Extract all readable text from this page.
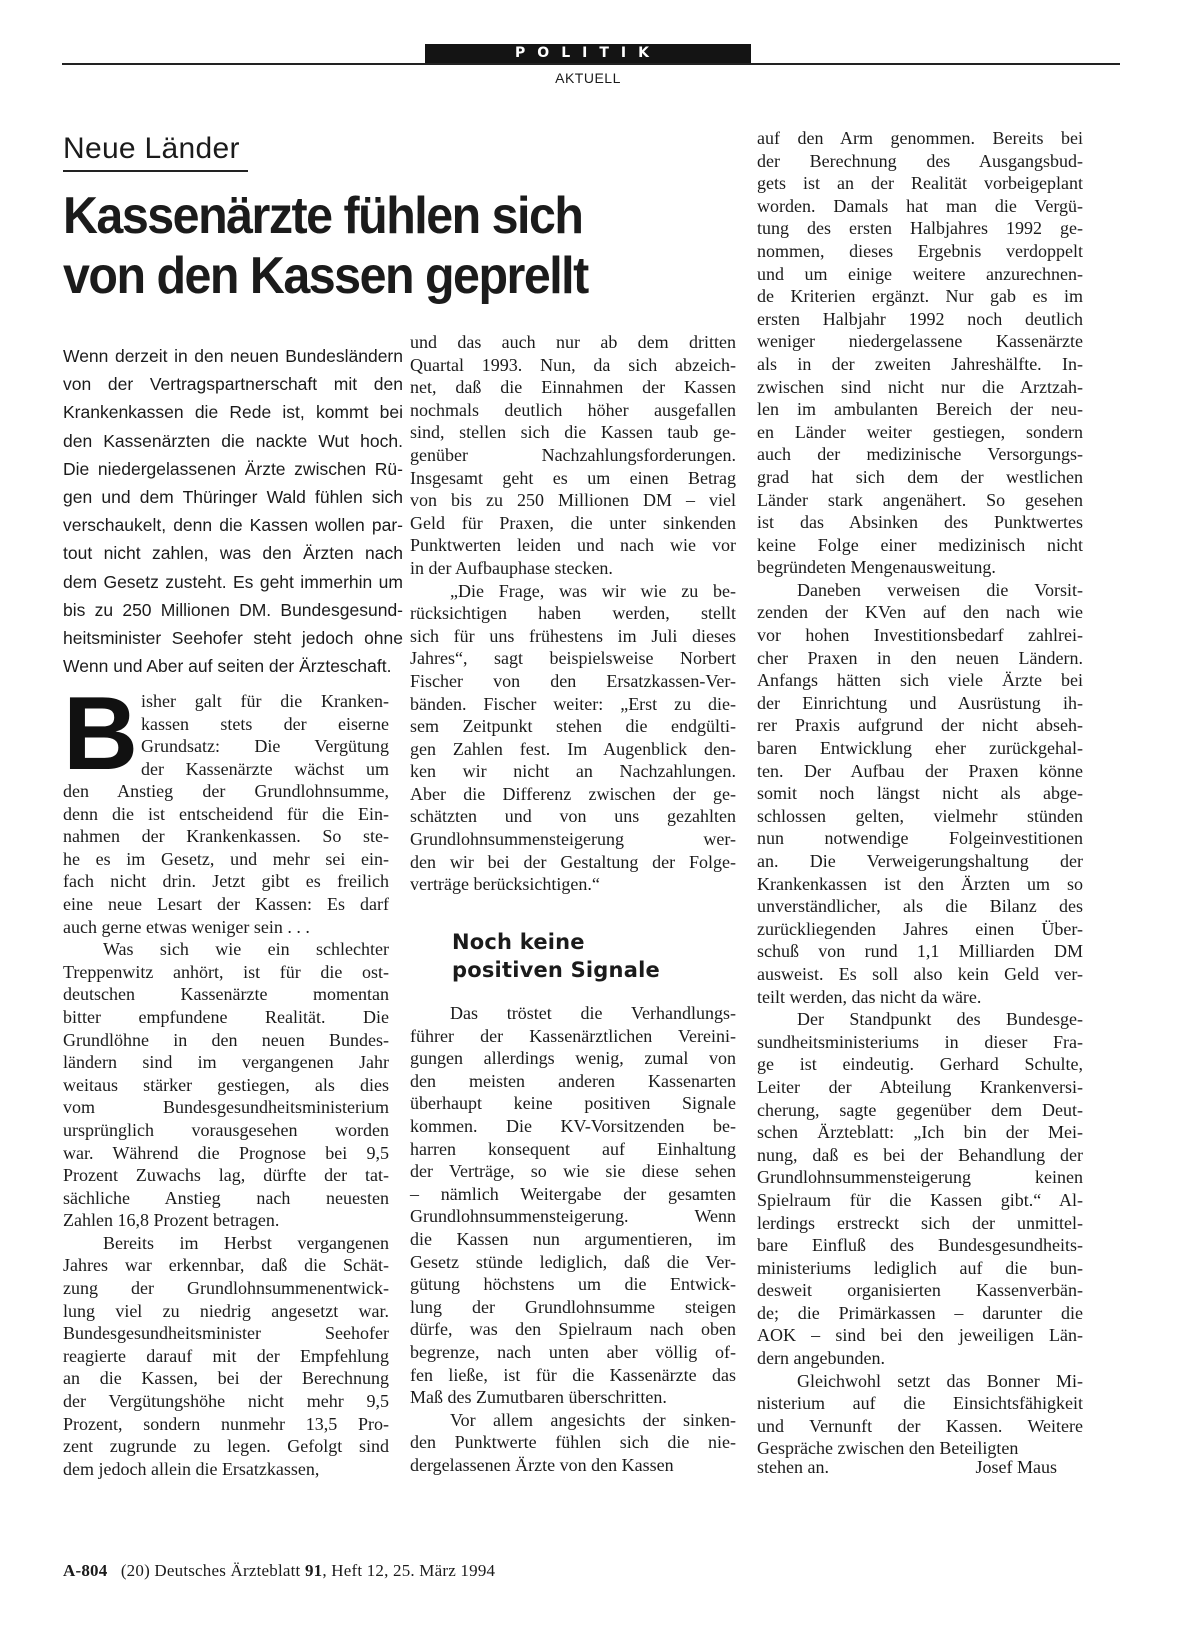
POLITIK
AKTUELL
Neue Länder
Kassenärzte fühlen sich
von den Kassen geprellt
Wenn derzeit in den neuen Bundesländern
von der Vertragspartnerschaft mit den
Krankenkassen die Rede ist, kommt bei
den Kassenärzten die nackte Wut hoch.
Die niedergelassenen Ärzte zwischen Rü-
gen und dem Thüringer Wald fühlen sich
verschaukelt, denn die Kassen wollen par-
tout nicht zahlen, was den Ärzten nach
dem Gesetz zusteht. Es geht immerhin um
bis zu 250 Millionen DM. Bundesgesund-
heitsminister Seehofer steht jedoch ohne
Wenn und Aber auf seiten der Ärzteschaft.
B isher galt für die Kranken-
kassen stets der eiserne
Grundsatz: Die Vergütung
der Kassenärzte wächst um
den Anstieg der Grundlohnsumme,
denn die ist entscheidend für die Ein-
nahmen der Krankenkassen. So ste-
he es im Gesetz, und mehr sei ein-
fach nicht drin. Jetzt gibt es freilich
eine neue Lesart der Kassen: Es darf
auch gerne etwas weniger sein . . .
Was sich wie ein schlechter
Treppenwitz anhört, ist für die ost-
deutschen Kassenärzte momentan
bitter empfundene Realität. Die
Grundlöhne in den neuen Bundes-
ländern sind im vergangenen Jahr
weitaus stärker gestiegen, als dies
vom Bundesgesundheitsministerium
ursprünglich vorausgesehen worden
war. Während die Prognose bei 9,5
Prozent Zuwachs lag, dürfte der tat-
sächliche Anstieg nach neuesten
Zahlen 16,8 Prozent betragen.
Bereits im Herbst vergangenen
Jahres war erkennbar, daß die Schät-
zung der Grundlohnsummenentwick-
lung viel zu niedrig angesetzt war.
Bundesgesundheitsminister Seehofer
reagierte darauf mit der Empfehlung
an die Kassen, bei der Berechnung
der Vergütungshöhe nicht mehr 9,5
Prozent, sondern nunmehr 13,5 Pro-
zent zugrunde zu legen. Gefolgt sind
dem jedoch allein die Ersatzkassen,
und das auch nur ab dem dritten
Quartal 1993. Nun, da sich abzeich-
net, daß die Einnahmen der Kassen
nochmals deutlich höher ausgefallen
sind, stellen sich die Kassen taub ge-
genüber Nachzahlungsforderungen.
Insgesamt geht es um einen Betrag
von bis zu 250 Millionen DM – viel
Geld für Praxen, die unter sinkenden
Punktwerten leiden und nach wie vor
in der Aufbauphase stecken.
„Die Frage, was wir wie zu be-
rücksichtigen haben werden, stellt
sich für uns frühestens im Juli dieses
Jahres“, sagt beispielsweise Norbert
Fischer von den Ersatzkassen-Ver-
bänden. Fischer weiter: „Erst zu die-
sem Zeitpunkt stehen die endgülti-
gen Zahlen fest. Im Augenblick den-
ken wir nicht an Nachzahlungen.
Aber die Differenz zwischen der ge-
schätzten und von uns gezahlten
Grundlohnsummensteigerung wer-
den wir bei der Gestaltung der Folge-
verträge berücksichtigen.“
Noch keine
positiven Signale
Das tröstet die Verhandlungs-
führer der Kassenärztlichen Vereini-
gungen allerdings wenig, zumal von
den meisten anderen Kassenarten
überhaupt keine positiven Signale
kommen. Die KV-Vorsitzenden be-
harren konsequent auf Einhaltung
der Verträge, so wie sie diese sehen
– nämlich Weitergabe der gesamten
Grundlohnsummensteigerung. Wenn
die Kassen nun argumentieren, im
Gesetz stünde lediglich, daß die Ver-
gütung höchstens um die Entwick-
lung der Grundlohnsumme steigen
dürfe, was den Spielraum nach oben
begrenze, nach unten aber völlig of-
fen ließe, ist für die Kassenärzte das
Maß des Zumutbaren überschritten.
Vor allem angesichts der sinken-
den Punktwerte fühlen sich die nie-
dergelassenen Ärzte von den Kassen
auf den Arm genommen. Bereits bei
der Berechnung des Ausgangsbud-
gets ist an der Realität vorbeigeplant
worden. Damals hat man die Vergü-
tung des ersten Halbjahres 1992 ge-
nommen, dieses Ergebnis verdoppelt
und um einige weitere anzurechnen-
de Kriterien ergänzt. Nur gab es im
ersten Halbjahr 1992 noch deutlich
weniger niedergelassene Kassenärzte
als in der zweiten Jahreshälfte. In-
zwischen sind nicht nur die Arztzah-
len im ambulanten Bereich der neu-
en Länder weiter gestiegen, sondern
auch der medizinische Versorgungs-
grad hat sich dem der westlichen
Länder stark angenähert. So gesehen
ist das Absinken des Punktwertes
keine Folge einer medizinisch nicht
begründeten Mengenausweitung.
Daneben verweisen die Vorsit-
zenden der KVen auf den nach wie
vor hohen Investitionsbedarf zahlrei-
cher Praxen in den neuen Ländern.
Anfangs hätten sich viele Ärzte bei
der Einrichtung und Ausrüstung ih-
rer Praxis aufgrund der nicht abseh-
baren Entwicklung eher zurückgehal-
ten. Der Aufbau der Praxen könne
somit noch längst nicht als abge-
schlossen gelten, vielmehr stünden
nun notwendige Folgeinvestitionen
an. Die Verweigerungshaltung der
Krankenkassen ist den Ärzten um so
unverständlicher, als die Bilanz des
zurückliegenden Jahres einen Über-
schuß von rund 1,1 Milliarden DM
ausweist. Es soll also kein Geld ver-
teilt werden, das nicht da wäre.
Der Standpunkt des Bundesge-
sundheitsministeriums in dieser Fra-
ge ist eindeutig. Gerhard Schulte,
Leiter der Abteilung Krankenversi-
cherung, sagte gegenüber dem Deut-
schen Ärzteblatt: „Ich bin der Mei-
nung, daß es bei der Behandlung der
Grundlohnsummensteigerung keinen
Spielraum für die Kassen gibt.“ Al-
lerdings erstreckt sich der unmittel-
bare Einfluß des Bundesgesundheits-
ministeriums lediglich auf die bun-
desweit organisierten Kassenverbän-
de; die Primärkassen – darunter die
AOK – sind bei den jeweiligen Län-
dern angebunden.
Gleichwohl setzt das Bonner Mi-
nisterium auf die Einsichtsfähigkeit
und Vernunft der Kassen. Weitere
Gespräche zwischen den Beteiligten
stehen an.	Josef Maus
A-804 (20) Deutsches Ärzteblatt 91, Heft 12, 25. März 1994
